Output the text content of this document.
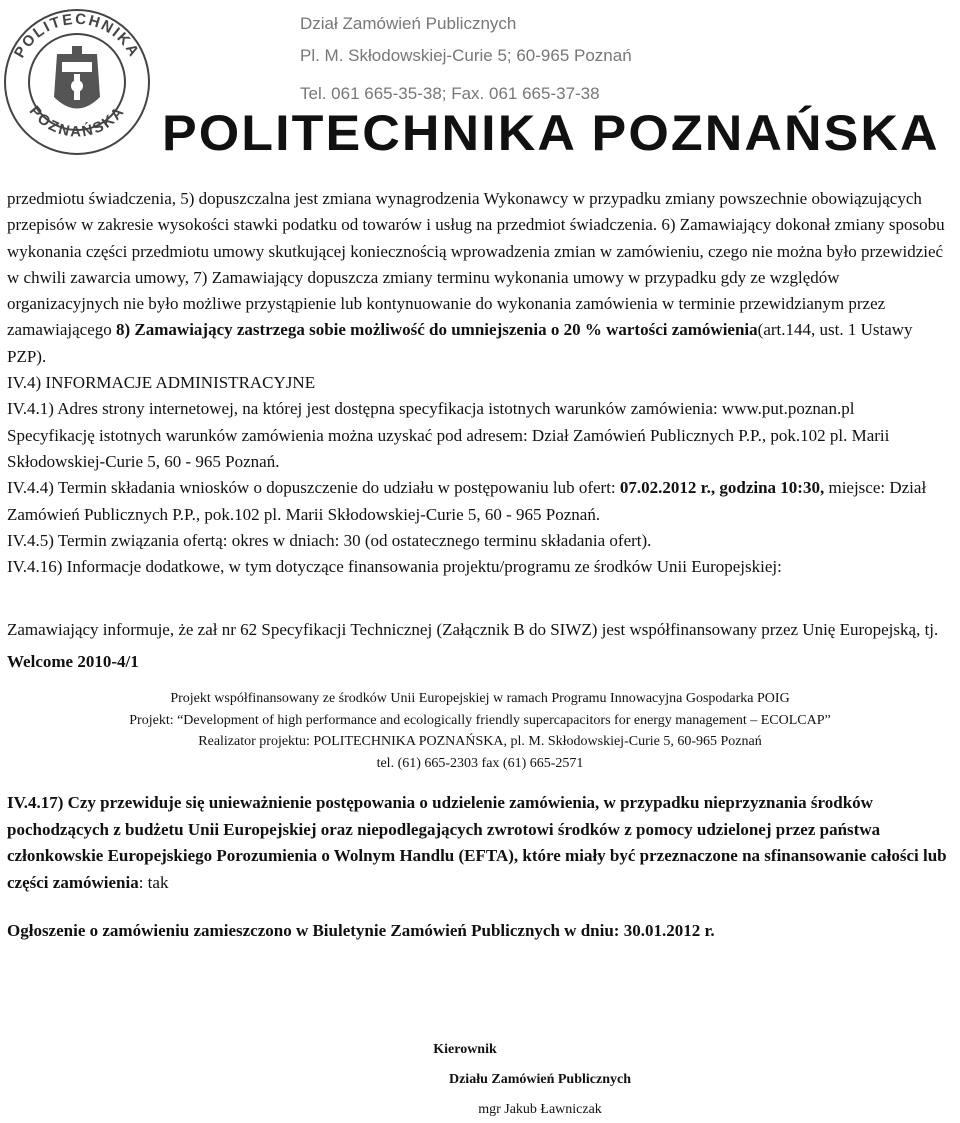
POLITECHNIKA
POZNAŃSKA
Dział Zamówień Publicznych
Pl. M. Skłodowskiej-Curie 5; 60-965 Poznań
Tel. 061 665-35-38; Fax. 061 665-37-38
POLITECHNIKA POZNAŃSKA

przedmiotu świadczenia, 5) dopuszczalna jest zmiana wynagrodzenia Wykonawcy w przypadku zmiany powszechnie obowiązujących przepisów w zakresie wysokości stawki podatku od towarów i usług na przedmiot świadczenia. 6) Zamawiający dokonał zmiany sposobu wykonania części przedmiotu umowy skutkującej koniecznością wprowadzenia zmian w zamówieniu, czego nie można było przewidzieć w chwili zawarcia umowy, 7) Zamawiający dopuszcza zmiany terminu wykonania umowy w przypadku gdy ze względów organizacyjnych nie było możliwe przystąpienie lub kontynuowanie do wykonania zamówienia w terminie przewidzianym przez zamawiającego 8) Zamawiający zastrzega sobie możliwość do umniejszenia o 20 % wartości zamówienia(art.144, ust. 1 Ustawy PZP).

IV.4) INFORMACJE ADMINISTRACYJNE

IV.4.1) Adres strony internetowej, na której jest dostępna specyfikacja istotnych warunków zamówienia: www.put.poznan.pl

Specyfikację istotnych warunków zamówienia można uzyskać pod adresem: Dział Zamówień Publicznych P.P., pok.102 pl. Marii Skłodowskiej-Curie 5, 60 - 965 Poznań.

IV.4.4) Termin składania wniosków o dopuszczenie do udziału w postępowaniu lub ofert: 07.02.2012 r., godzina 10:30, miejsce: Dział Zamówień Publicznych P.P., pok.102 pl. Marii Skłodowskiej-Curie 5, 60 - 965 Poznań.

IV.4.5) Termin związania ofertą: okres w dniach: 30 (od ostatecznego terminu składania ofert).

IV.4.16) Informacje dodatkowe, w tym dotyczące finansowania projektu/programu ze środków Unii Europejskiej:

Zamawiający informuje, że zał nr 62 Specyfikacji Technicznej (Załącznik B do SIWZ) jest współfinansowany przez Unię Europejską, tj. Welcome 2010-4/1

Projekt współfinansowany ze środków Unii Europejskiej w ramach Programu Innowacyjna Gospodarka POIG

Projekt: “Development of high performance and ecologically friendly supercapacitors for energy management – ECOLCAP”

Realizator projektu: POLITECHNIKA POZNAŃSKA, pl. M. Skłodowskiej-Curie 5, 60-965 Poznań

tel. (61) 665-2303 fax (61) 665-2571

IV.4.17) Czy przewiduje się unieważnienie postępowania o udzielenie zamówienia, w przypadku nieprzyznania środków pochodzących z budżetu Unii Europejskiej oraz niepodlegających zwrotowi środków z pomocy udzielonej przez państwa członkowskie Europejskiego Porozumienia o Wolnym Handlu (EFTA), które miały być przeznaczone na sfinansowanie całości lub części zamówienia: tak

Ogłoszenie o zamówieniu zamieszczono w Biuletynie Zamówień Publicznych w dniu: 30.01.2012 r.

Kierownik
Działu Zamówień Publicznych
mgr Jakub Ławniczak
